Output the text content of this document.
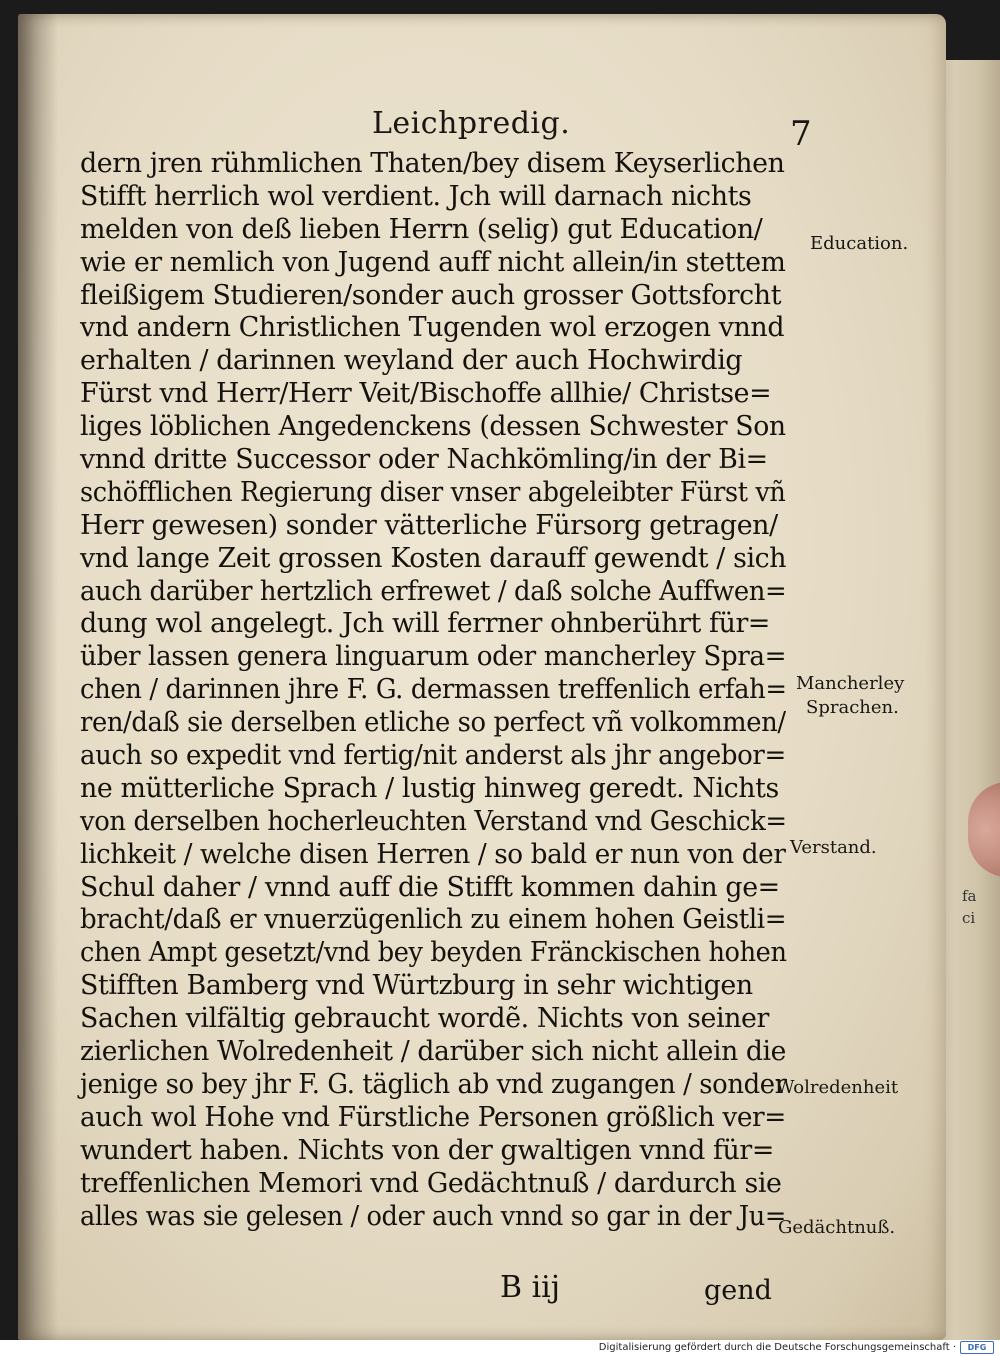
fa
ci
Leichpredig.	7
dern jren rühmlichen Thaten/bey disem Keyserlichen
Stifft herrlich wol verdient. Jch will darnach nichts
melden von deß lieben Herrn (selig) gut Education/
wie er nemlich von Jugend auff nicht allein/in stettem
fleißigem Studieren/sonder auch grosser Gottsforcht
vnd andern Christlichen Tugenden wol erzogen vnnd
erhalten / darinnen weyland der auch Hochwirdig
Fürst vnd Herr/Herr Veit/Bischoffe allhie/ Christse=
liges löblichen Angedenckens (dessen Schwester Son
vnnd dritte Successor oder Nachkömling/in der Bi=
schöfflichen Regierung diser vnser abgeleibter Fürst vñ
Herr gewesen) sonder vätterliche Fürsorg getragen/
vnd lange Zeit grossen Kosten darauff gewendt / sich
auch darüber hertzlich erfrewet / daß solche Auffwen=
dung wol angelegt. Jch will ferrner ohnberührt für=
über lassen genera linguarum oder mancherley Spra=
chen / darinnen jhre F. G. dermassen treffenlich erfah=
ren/daß sie derselben etliche so perfect vñ volkommen/
auch so expedit vnd fertig/nit anderst als jhr angebor=
ne mütterliche Sprach / lustig hinweg geredt. Nichts
von derselben hocherleuchten Verstand vnd Geschick=
lichkeit / welche disen Herren / so bald er nun von der
Schul daher / vnnd auff die Stifft kommen dahin ge=
bracht/daß er vnuerzügenlich zu einem hohen Geistli=
chen Ampt gesetzt/vnd bey beyden Fränckischen hohen
Stifften Bamberg vnd Würtzburg in sehr wichtigen
Sachen vilfältig gebraucht wordẽ. Nichts von seiner
zierlichen Wolredenheit / darüber sich nicht allein die
jenige so bey jhr F. G. täglich ab vnd zugangen / sonder
auch wol Hohe vnd Fürstliche Personen größlich ver=
wundert haben. Nichts von der gwaltigen vnnd für=
treffenlichen Memori vnd Gedächtnuß / dardurch sie
alles was sie gelesen / oder auch vnnd so gar in der Ju=
Education.
Mancherley
Sprachen.
Verstand.
Wolredenheit
Gedächtnuß.
B iij	gend
Digitalisierung gefördert durch die Deutsche Forschungsgemeinschaft ·	DFG
